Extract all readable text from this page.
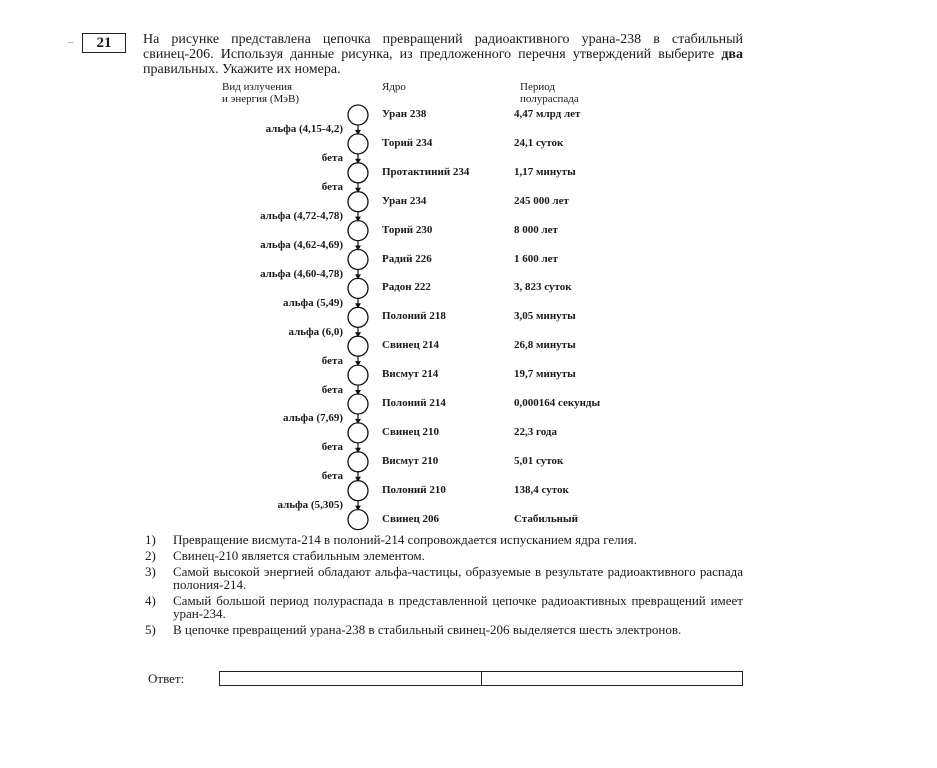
–	21	На рисунке представлена цепочка превращений радиоактивного урана-238 в стабильный свинец-206. Используя данные рисунка, из предложенного перечня утверждений выберите два правильных. Укажите их номера.
Вид излучения
и энергия (МэВ)
Ядро	Период
полураспада
Уран 238	4,47 млрд лет
альфа (4,15-4,2)
Торий 234	24,1 суток
бета
Протактиний 234	1,17 минуты
бета
Уран 234	245 000 лет
альфа (4,72-4,78)
Торий 230	8 000 лет
альфа (4,62-4,69)
Радий 226	1 600 лет
альфа (4,60-4,78)
Радон 222	3, 823 суток
альфа (5,49)
Полоний 218	3,05 минуты
альфа (6,0)
Свинец 214	26,8 минуты
бета
Висмут 214	19,7 минуты
бета
Полоний 214	0,000164 секунды
альфа (7,69)
Свинец 210	22,3 года
бета
Висмут 210	5,01 суток
бета
Полоний 210	138,4 суток
альфа (5,305)
Свинец 206	Стабильный
1) Превращение висмута-214 в полоний-214 сопровождается испусканием ядра гелия.
2) Свинец-210 является стабильным элементом.
3) Самой высокой энергией обладают альфа-частицы, образуемые в результате радиоактивного распада полония-214.
4) Самый большой период полураспада в представленной цепочке радиоактивных превращений имеет уран-234.
5) В цепочке превращений урана-238 в стабильный свинец-206 выделяется шесть электронов.
Ответ:
